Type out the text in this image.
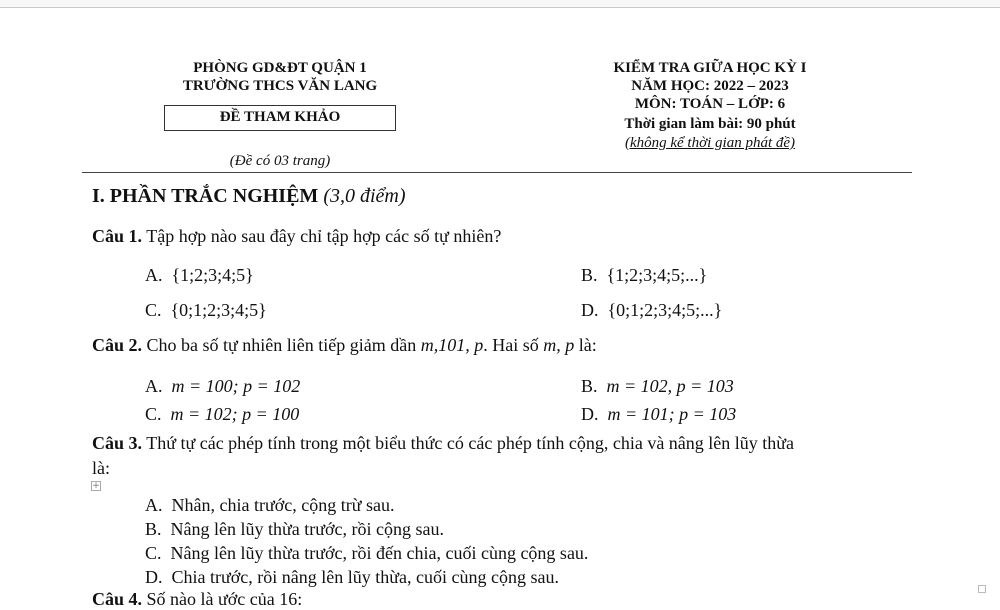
PHÒNG GD&ĐT QUẬN 1
TRƯỜNG THCS VĂN LANG
ĐỀ THAM KHẢO
(Đề có 03 trang)
KIỂM TRA GIỮA HỌC KỲ I
NĂM HỌC: 2022 – 2023
MÔN: TOÁN – LỚP: 6
Thời gian làm bài: 90 phút
(không kể thời gian phát đề)
I. PHẦN TRẮC NGHIỆM (3,0 điểm)
Câu 1. Tập hợp nào sau đây chỉ tập hợp các số tự nhiên?
A. {1;2;3;4;5}	B. {1;2;3;4;5;...}
C. {0;1;2;3;4;5}	D. {0;1;2;3;4;5;...}
Câu 2. Cho ba số tự nhiên liên tiếp giảm dần m,101, p. Hai số m, p là:
A. m = 100; p = 102	B. m = 102, p = 103
C. m = 102; p = 100	D. m = 101; p = 103
Câu 3. Thứ tự các phép tính trong một biểu thức có các phép tính cộng, chia và nâng lên lũy thừa
là:
+
A. Nhân, chia trước, cộng trừ sau.
B. Nâng lên lũy thừa trước, rồi cộng sau.
C. Nâng lên lũy thừa trước, rồi đến chia, cuối cùng cộng sau.
D. Chia trước, rồi nâng lên lũy thừa, cuối cùng cộng sau.
Câu 4. Số nào là ước của 16:
